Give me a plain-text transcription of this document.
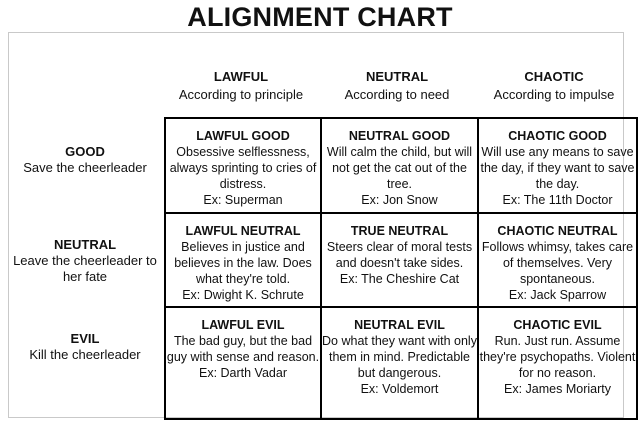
ALIGNMENT CHART
LAWFUL
According to principle
NEUTRAL
According to need
CHAOTIC
According to impulse
GOOD
Save the cheerleader
NEUTRAL
Leave the cheerleader to her fate
EVIL
Kill the cheerleader
LAWFUL GOOD
Obsessive selflessness, always sprinting to cries of distress.
Ex: Superman
NEUTRAL GOOD
Will calm the child, but will not get the cat out of the tree.
Ex: Jon Snow
CHAOTIC GOOD
Will use any means to save the day, if they want to save the day.
Ex: The 11th Doctor
LAWFUL NEUTRAL
Believes in justice and believes in the law. Does what they're told.
Ex: Dwight K. Schrute
TRUE NEUTRAL
Steers clear of moral tests and doesn't take sides.
Ex: The Cheshire Cat
CHAOTIC NEUTRAL
Follows whimsy, takes care of themselves. Very spontaneous.
Ex: Jack Sparrow
LAWFUL EVIL
The bad guy, but the bad guy with sense and reason.
Ex: Darth Vadar
NEUTRAL EVIL
Do what they want with only them in mind. Predictable but dangerous.
Ex: Voldemort
CHAOTIC EVIL
Run. Just run. Assume they're psychopaths. Violent for no reason.
Ex: James Moriarty
